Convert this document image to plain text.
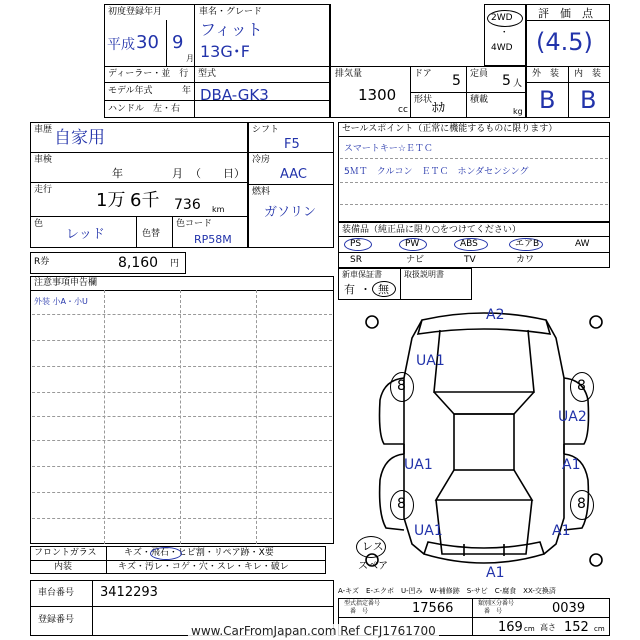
初度登録年月
平成 30 9
月
車名・グレード
フィット
13G･F
ディーラー・並　行
モデル年式	年
ハンドル　左・右
型式
DBA-GK3
2WD
･
4WD
排気量
1300
cc
ドア 5 定員 5 人
形状
ﾎｶ
積載
kg
評　価　点
(4.5)
外　装 内　装
B B
車歴 自家用
車検
年	月 （　　日）
走行 1万 6千 736 km
色
レッド	色替
色コード
RP58M
シフト
F5
冷房
AAC
燃料
ガソリン
セールスポイント（正常に機能するものに限ります）
スマートキー☆ＥＴＣ
5ＭＴ　クルコン　ＥＴＣ　ホンダセンシング
装備品（純正品に限り○をつけてください）
PS	PW	ABS	エアB	AW
SR	ナビ	TV	カワ
R券	8,160 円
新車保証書	取扱説明書
有 ・ 無
注意事項申告欄
外装 小A・小U
8	8
8	8
A2
UA1
UA2
UA1	A1
UA1	A1
A1
レス
スペア
フロントガラス	キズ・飛石・ヒビ割・リペア跡・X要
内装	キズ・汚レ・コゲ・穴・スレ・キレ・破レ
A-キズ　E-エクボ　U-凹み　W-補修跡　S-サビ　C-腐食　XX-交換済
車台番号 3412293
登録番号
型式指定番号
番　号	17566	類別区分番号
番　号	0039
169 cm 高さ 152 cm
www.CarFromJapan.com Ref CFJ1761700
